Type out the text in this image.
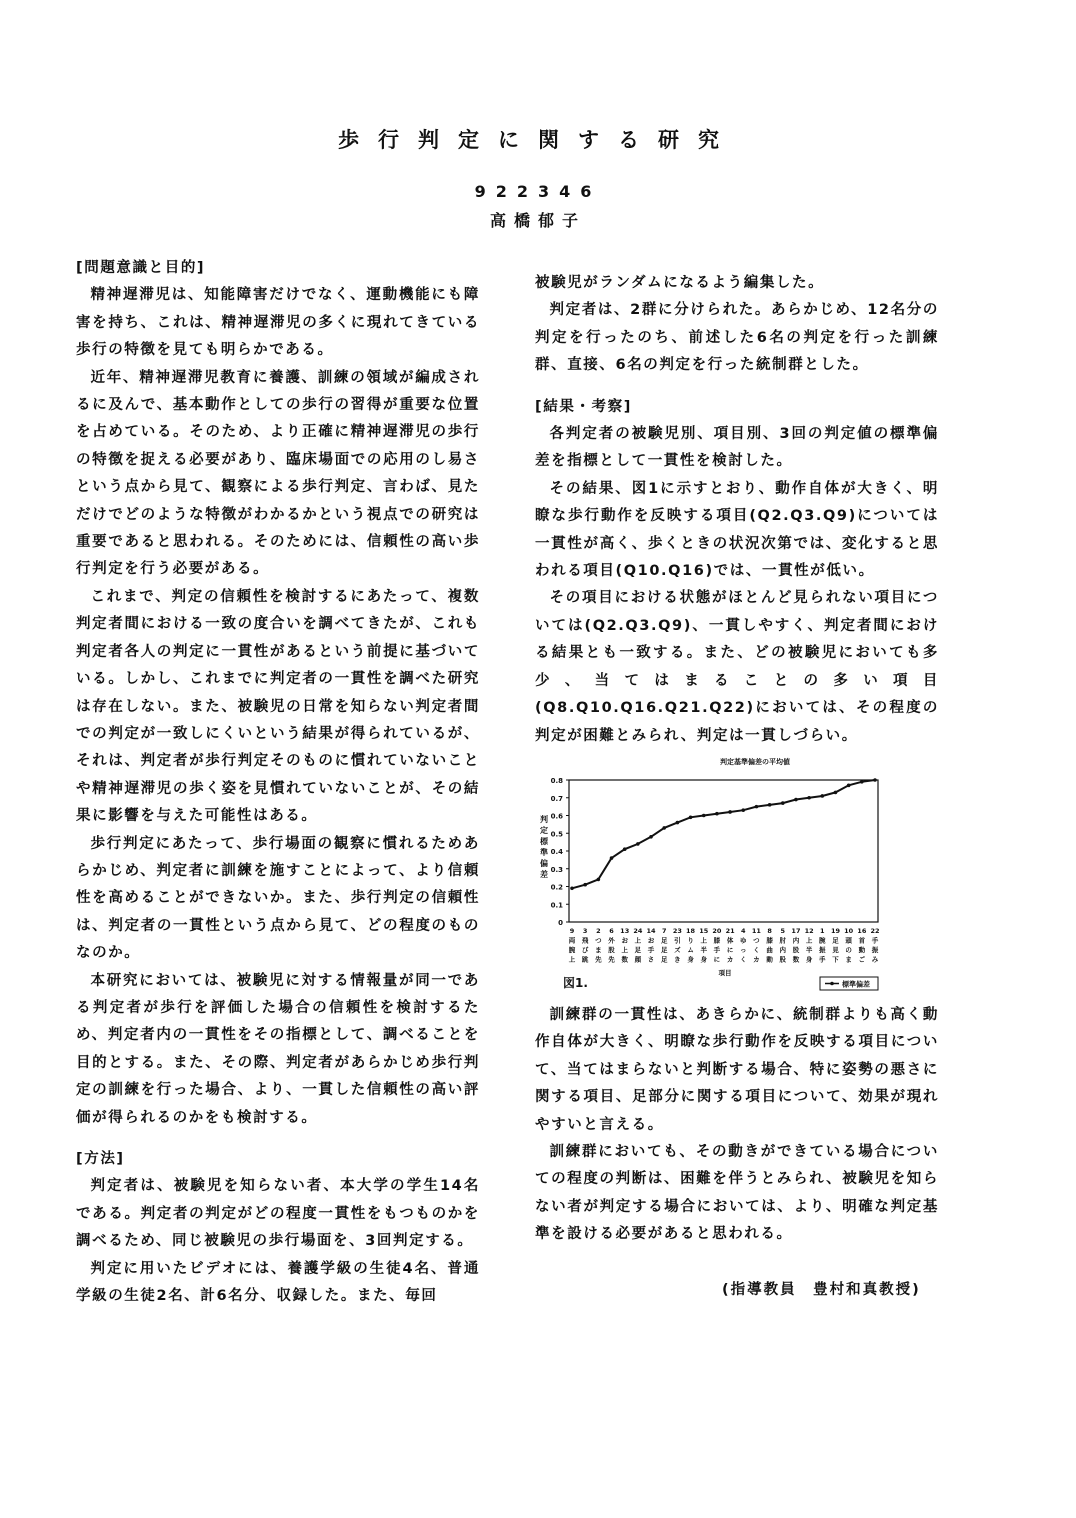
歩行判定に関する研究
922346
高橋郁子
[問題意識と目的]

精神遅滞児は、知能障害だけでなく、運動機能にも障害を持ち、これは、精神遅滞児の多くに現れてきている歩行の特徴を見ても明らかである。

近年、精神遅滞児教育に養護、訓練の領域が編成されるに及んで、基本動作としての歩行の習得が重要な位置を占めている。そのため、より正確に精神遅滞児の歩行の特徴を捉える必要があり、臨床場面での応用のし易さという点から見て、観察による歩行判定、言わば、見ただけでどのような特徴がわかるかという視点での研究は重要であると思われる。そのためには、信頼性の高い歩行判定を行う必要がある。

これまで、判定の信頼性を検討するにあたって、複数判定者間における一致の度合いを調べてきたが、これも判定者各人の判定に一貫性があるという前提に基づいている。しかし、これまでに判定者の一貫性を調べた研究は存在しない。また、被験児の日常を知らない判定者間での判定が一致しにくいという結果が得られているが、それは、判定者が歩行判定そのものに慣れていないことや精神遅滞児の歩く姿を見慣れていないことが、その結果に影響を与えた可能性はある。

歩行判定にあたって、歩行場面の観察に慣れるためあらかじめ、判定者に訓練を施すことによって、より信頼性を高めることができないか。また、歩行判定の信頼性は、判定者の一貫性という点から見て、どの程度のものなのか。

本研究においては、被験児に対する情報量が同一である判定者が歩行を評価した場合の信頼性を検討するため、判定者内の一貫性をその指標として、調べることを目的とする。また、その際、判定者があらかじめ歩行判定の訓練を行った場合、より、一貫した信頼性の高い評価が得られるのかをも検討する。

[方法]

判定者は、被験児を知らない者、本大学の学生14名である。判定者の判定がどの程度一貫性をもつものかを調べるため、同じ被験児の歩行場面を、3回判定する。

判定に用いたビデオには、養護学級の生徒4名、普通学級の生徒2名、計6名分、収録した。また、毎回

被験児がランダムになるよう編集した。

判定者は、2群に分けられた。あらかじめ、12名分の判定を行ったのち、前述した6名の判定を行った訓練群、直接、6名の判定を行った統制群とした。

[結果・考察]

各判定者の被験児別、項目別、3回の判定値の標準偏差を指標として一貫性を検討した。

その結果、図1に示すとおり、動作自体が大きく、明瞭な歩行動作を反映する項目(Q2.Q3.Q9)については一貫性が高く、歩くときの状況次第では、変化すると思われる項目(Q10.Q16)では、一貫性が低い。

その項目における状態がほとんど見られない項目については(Q2.Q3.Q9)、一貫しやすく、判定者間における結果とも一致する。また、どの被験児においても多少、当てはまることの多い項目(Q8.Q10.Q16.Q21.Q22)においては、その程度の判定が困難とみられ、判定は一貫しづらい。

判定基準偏差の平均値
0
0.1
0.2
0.3
0.4
0.5
0.6
0.7
0.8
判
定
標
準
偏
差
9
両
腕
上
3
飛
び
跳
2
つ
ま
先
6
外
股
先
13
お
上
数
24
上
足
顔
14
お
手
さ
7
足
足
足
23
引
ズ
き
18
り
ム
身
15
上
半
身
20
膝
手
に
21
体
に
カ
4
ゆ
っ
く
11
つ
く
カ
8
膝
曲
動
5
肘
内
股
17
内
股
数
12
上
半
身
1
腕
振
手
19
足
見
下
10
頭
の
ま
16
首
動
ご
22
手
振
み
項目
図1.	標準偏差

訓練群の一貫性は、あきらかに、統制群よりも高く動作自体が大きく、明瞭な歩行動作を反映する項目について、当てはまらないと判断する場合、特に姿勢の悪さに関する項目、足部分に関する項目について、効果が現れやすいと言える。

訓練群においても、その動きができている場合についての程度の判断は、困難を伴うとみられ、被験児を知らない者が判定する場合においては、より、明確な判定基準を設ける必要があると思われる。

(指導教員　豊村和真教授)
